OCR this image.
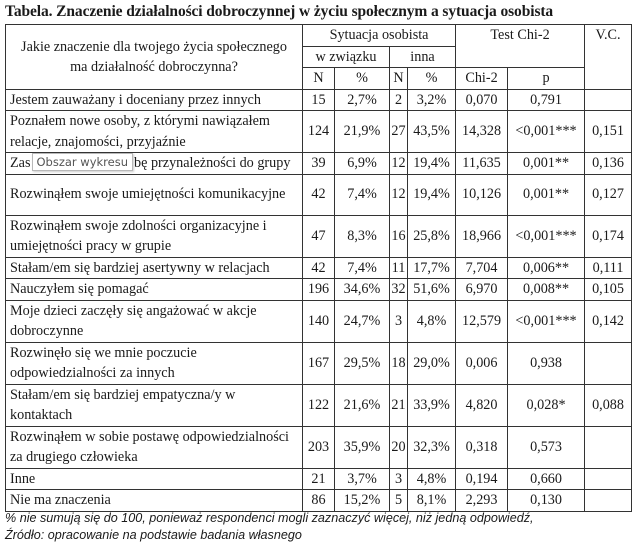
Tabela. Znaczenie działalności dobroczynnej w życiu społecznym a sytuacja osobista
Jakie znaczenie dla twojego życia społecznego
ma działalność dobroczynna?	Sytuacja osobista				Test Chi-2		V.C.
	w związku		inna				
	N	%	N	%	Chi-2	p	
Jestem zauważany i doceniany przez innych	15	2,7%	2	3,2%	0,070	0,791	
Poznałem nowe osoby, z którymi nawiązałem relacje, znajomości, przyjaźnie	124	21,9%	27	43,5%	14,328	<0,001***	0,151
Zas Obszar wykresu bę przynależności do grupy	39	6,9%	12	19,4%	11,635	0,001**	0,136
Rozwinąłem swoje umiejętności komunikacyjne	42	7,4%	12	19,4%	10,126	0,001**	0,127
Rozwinąłem swoje zdolności organizacyjne i umiejętności pracy w grupie	47	8,3%	16	25,8%	18,966	<0,001***	0,174
Stałam/em się bardziej asertywny w relacjach	42	7,4%	11	17,7%	7,704	0,006**	0,111
Nauczyłem się pomagać	196	34,6%	32	51,6%	6,970	0,008**	0,105
Moje dzieci zaczęły się angażować w akcje dobroczynne	140	24,7%	3	4,8%	12,579	<0,001***	0,142
Rozwinęło się we mnie poczucie odpowiedzialności za innych	167	29,5%	18	29,0%	0,006	0,938	
Stałam/em się bardziej empatyczna/y w kontaktach	122	21,6%	21	33,9%	4,820	0,028*	0,088
Rozwinąłem w sobie postawę odpowiedzialności za drugiego człowieka	203	35,9%	20	32,3%	0,318	0,573	
Inne	21	3,7%	3	4,8%	0,194	0,660	
Nie ma znaczenia	86	15,2%	5	8,1%	2,293	0,130	
% nie sumują się do 100, ponieważ respondenci mogli zaznaczyć więcej, niż jedną odpowiedź,
Źródło: opracowanie na podstawie badania własnego
